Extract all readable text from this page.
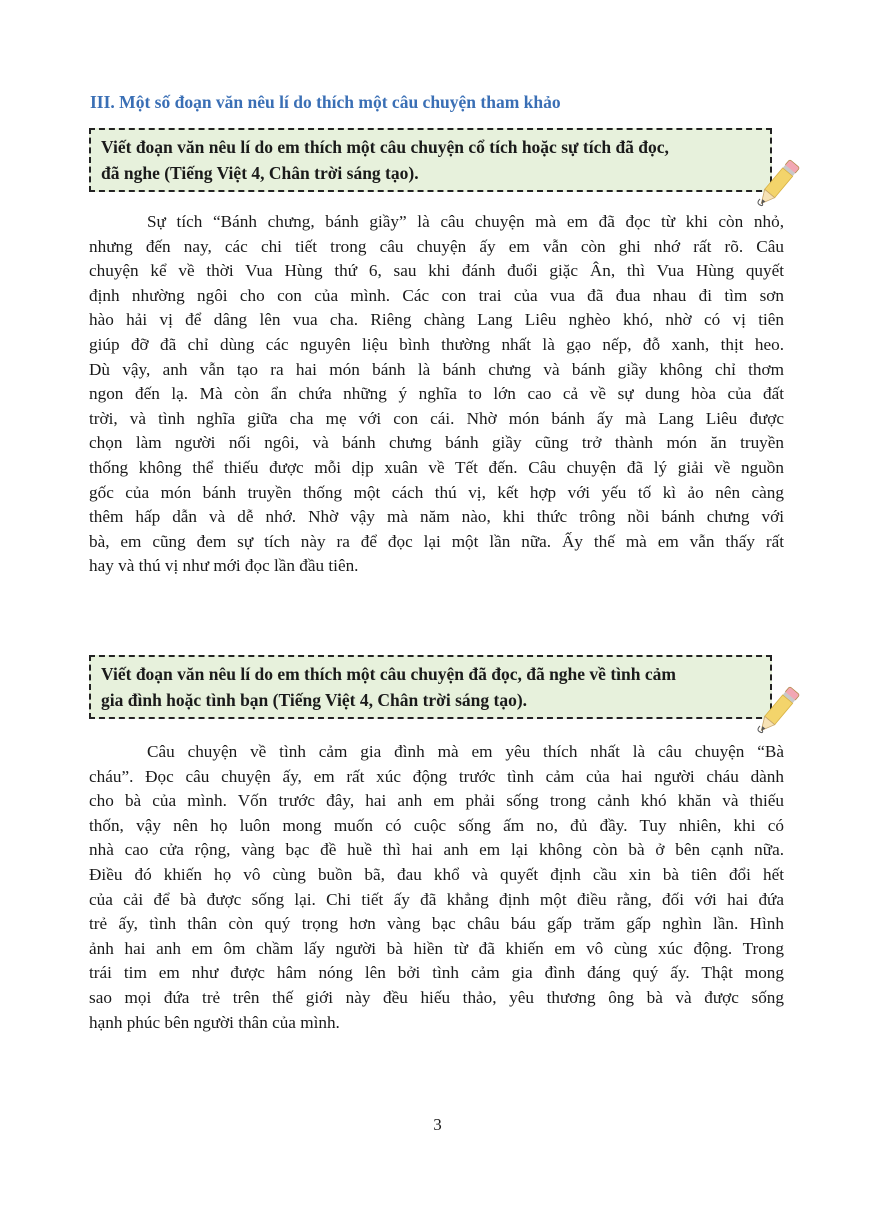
III. Một số đoạn văn nêu lí do thích một câu chuyện tham khảo
Viết đoạn văn nêu lí do em thích một câu chuyện cổ tích hoặc sự tích đã đọc,
đã nghe (Tiếng Việt 4, Chân trời sáng tạo).
Sự tích “Bánh chưng, bánh giầy” là câu chuyện mà em đã đọc từ khi còn nhỏ,
nhưng đến nay, các chi tiết trong câu chuyện ấy em vẫn còn ghi nhớ rất rõ. Câu
chuyện kể về thời Vua Hùng thứ 6, sau khi đánh đuổi giặc Ân, thì Vua Hùng quyết
định nhường ngôi cho con của mình. Các con trai của vua đã đua nhau đi tìm sơn
hào hải vị để dâng lên vua cha. Riêng chàng Lang Liêu nghèo khó, nhờ có vị tiên
giúp đỡ đã chỉ dùng các nguyên liệu bình thường nhất là gạo nếp, đỗ xanh, thịt heo.
Dù vậy, anh vẫn tạo ra hai món bánh là bánh chưng và bánh giầy không chỉ thơm
ngon đến lạ. Mà còn ẩn chứa những ý nghĩa to lớn cao cả về sự dung hòa của đất
trời, và tình nghĩa giữa cha mẹ với con cái. Nhờ món bánh ấy mà Lang Liêu được
chọn làm người nối ngôi, và bánh chưng bánh giầy cũng trở thành món ăn truyền
thống không thể thiếu được mỗi dịp xuân về Tết đến. Câu chuyện đã lý giải về nguồn
gốc của món bánh truyền thống một cách thú vị, kết hợp với yếu tố kì ảo nên càng
thêm hấp dẫn và dễ nhớ. Nhờ vậy mà năm nào, khi thức trông nồi bánh chưng với
bà, em cũng đem sự tích này ra để đọc lại một lần nữa. Ấy thế mà em vẫn thấy rất
hay và thú vị như mới đọc lần đầu tiên.
Viết đoạn văn nêu lí do em thích một câu chuyện đã đọc, đã nghe về tình cảm
gia đình hoặc tình bạn (Tiếng Việt 4, Chân trời sáng tạo).
Câu chuyện về tình cảm gia đình mà em yêu thích nhất là câu chuyện “Bà
cháu”. Đọc câu chuyện ấy, em rất xúc động trước tình cảm của hai người cháu dành
cho bà của mình. Vốn trước đây, hai anh em phải sống trong cảnh khó khăn và thiếu
thốn, vậy nên họ luôn mong muốn có cuộc sống ấm no, đủ đầy. Tuy nhiên, khi có
nhà cao cửa rộng, vàng bạc đề huề thì hai anh em lại không còn bà ở bên cạnh nữa.
Điều đó khiến họ vô cùng buồn bã, đau khổ và quyết định cầu xin bà tiên đổi hết
của cải để bà được sống lại. Chi tiết ấy đã khẳng định một điều rằng, đối với hai đứa
trẻ ấy, tình thân còn quý trọng hơn vàng bạc châu báu gấp trăm gấp nghìn lần. Hình
ảnh hai anh em ôm chầm lấy người bà hiền từ đã khiến em vô cùng xúc động. Trong
trái tim em như được hâm nóng lên bởi tình cảm gia đình đáng quý ấy. Thật mong
sao mọi đứa trẻ trên thế giới này đều hiếu thảo, yêu thương ông bà và được sống
hạnh phúc bên người thân của mình.
3
